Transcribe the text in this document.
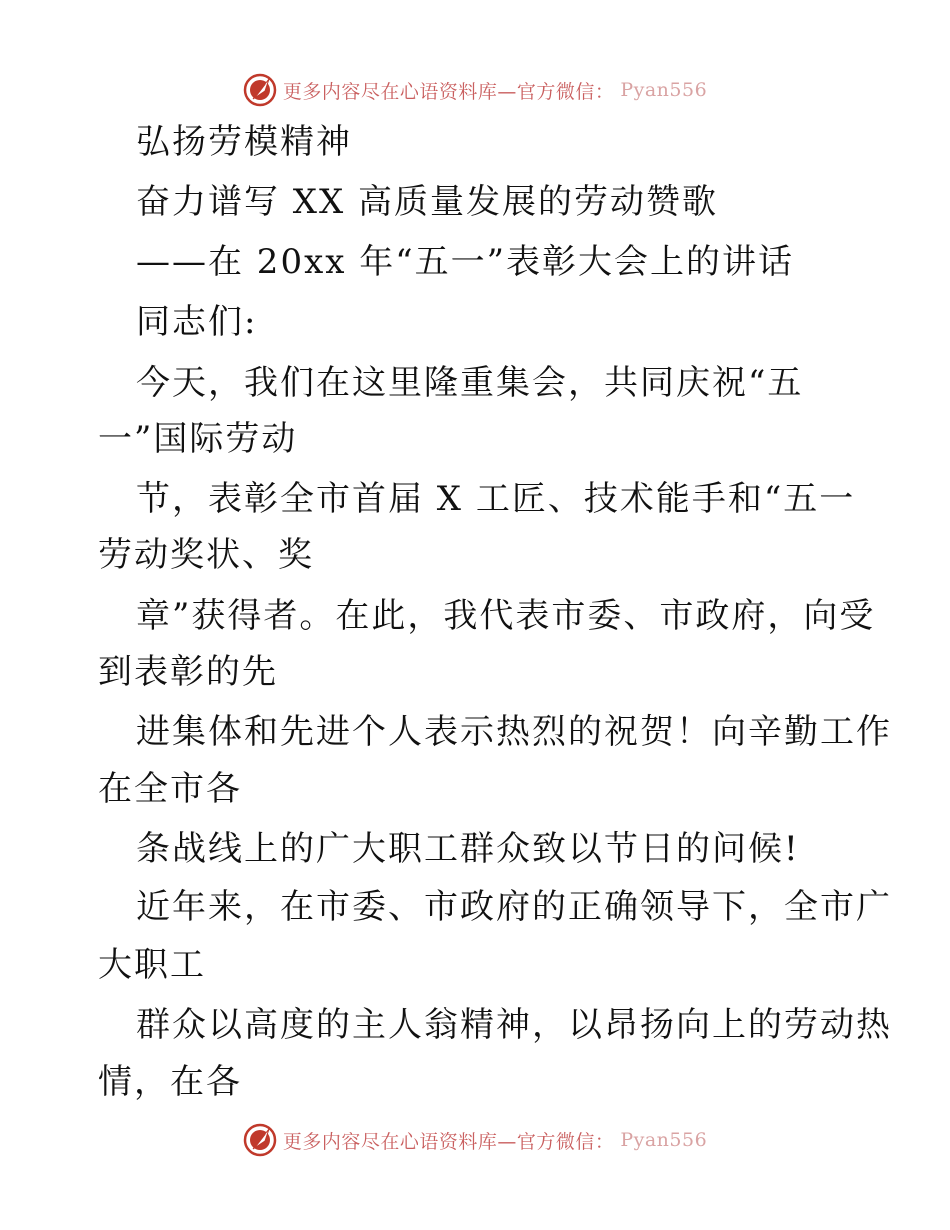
更多内容尽在心语资料库—官方微信： Pyan556
弘扬劳模精神
奋力谱写 XX 高质量发展的劳动赞歌
——在 20xx 年“五一”表彰大会上的讲话
同志们:
今天，我们在这里隆重集会，共同庆祝“五
一”国际劳动
节，表彰全市首届 X 工匠、技术能手和“五一
劳动奖状、奖
章”获得者。在此，我代表市委、市政府，向受
到表彰的先
进集体和先进个人表示热烈的祝贺！向辛勤工作
在全市各
条战线上的广大职工群众致以节日的问候!
近年来，在市委、市政府的正确领导下，全市广
大职工
群众以高度的主人翁精神，以昂扬向上的劳动热
情，在各
更多内容尽在心语资料库—官方微信： Pyan556
